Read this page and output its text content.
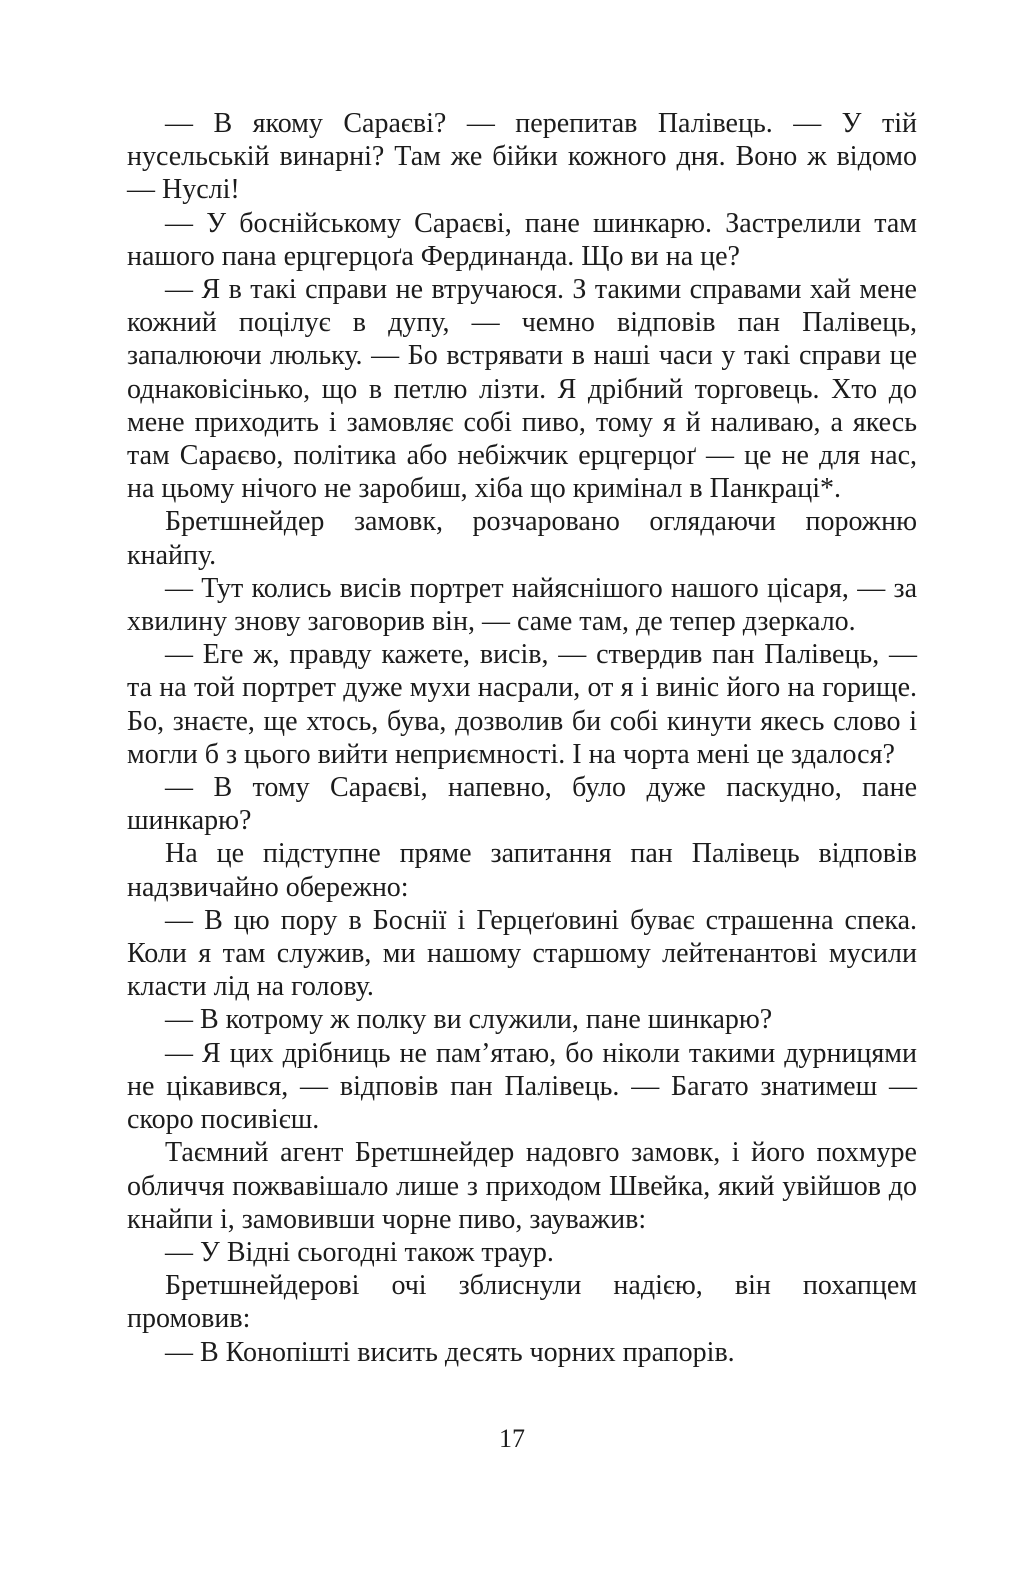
— В якому Сараєві? — перепитав Палівець. — У тій нусельській винарні? Там же бійки кожного дня. Воно ж відомо — Нуслі!

— У боснійському Сараєві, пане шинкарю. Застрелили там нашого пана ерцгерцоґа Фердинанда. Що ви на це?

— Я в такі справи не втручаюся. З такими справами хай мене кожний поцілує в дупу, — чемно відповів пан Палівець, запалюючи люльку. — Бо встрявати в наші часи у такі справи це однаковісінько, що в петлю лізти. Я дрібний торговець. Хто до мене приходить і замовляє собі пиво, тому я й наливаю, а якесь там Сараєво, політика або небіжчик ерцгерцоґ — це не для нас, на цьому нічого не заробиш, хіба що кримінал в Панкраці*.

Бретшнейдер замовк, розчаровано оглядаючи порожню кнайпу.

— Тут колись висів портрет найяснішого нашого цісаря, — за хвилину знову заговорив він, — саме там, де тепер дзеркало.

— Еге ж, правду кажете, висів, — ствердив пан Палівець, — та на той портрет дуже мухи насрали, от я і виніс його на горище. Бо, знаєте, ще хтось, бува, дозволив би собі кинути якесь слово і могли б з цього вийти неприємності. І на чорта мені це здалося?

— В тому Сараєві, напевно, було дуже паскудно, пане шинкарю?

На це підступне пряме запитання пан Палівець відповів надзвичайно обережно:

— В цю пору в Боснії і Герцеґовині буває страшенна спека. Коли я там служив, ми нашому старшому лейтенантові мусили класти лід на голову.

— В котрому ж полку ви служили, пане шинкарю?

— Я цих дрібниць не пам’ятаю, бо ніколи такими дурницями не цікавився, — відповів пан Палівець. — Багато знатимеш — скоро посивієш.

Таємний агент Бретшнейдер надовго замовк, і його похмуре обличчя пожвавішало лише з приходом Швейка, який увійшов до кнайпи і, замовивши чорне пиво, зауважив:

— У Відні сьогодні також траур.

Бретшнейдерові очі зблиснули надією, він похапцем промовив:

— В Конопішті висить десять чорних прапорів.

17
